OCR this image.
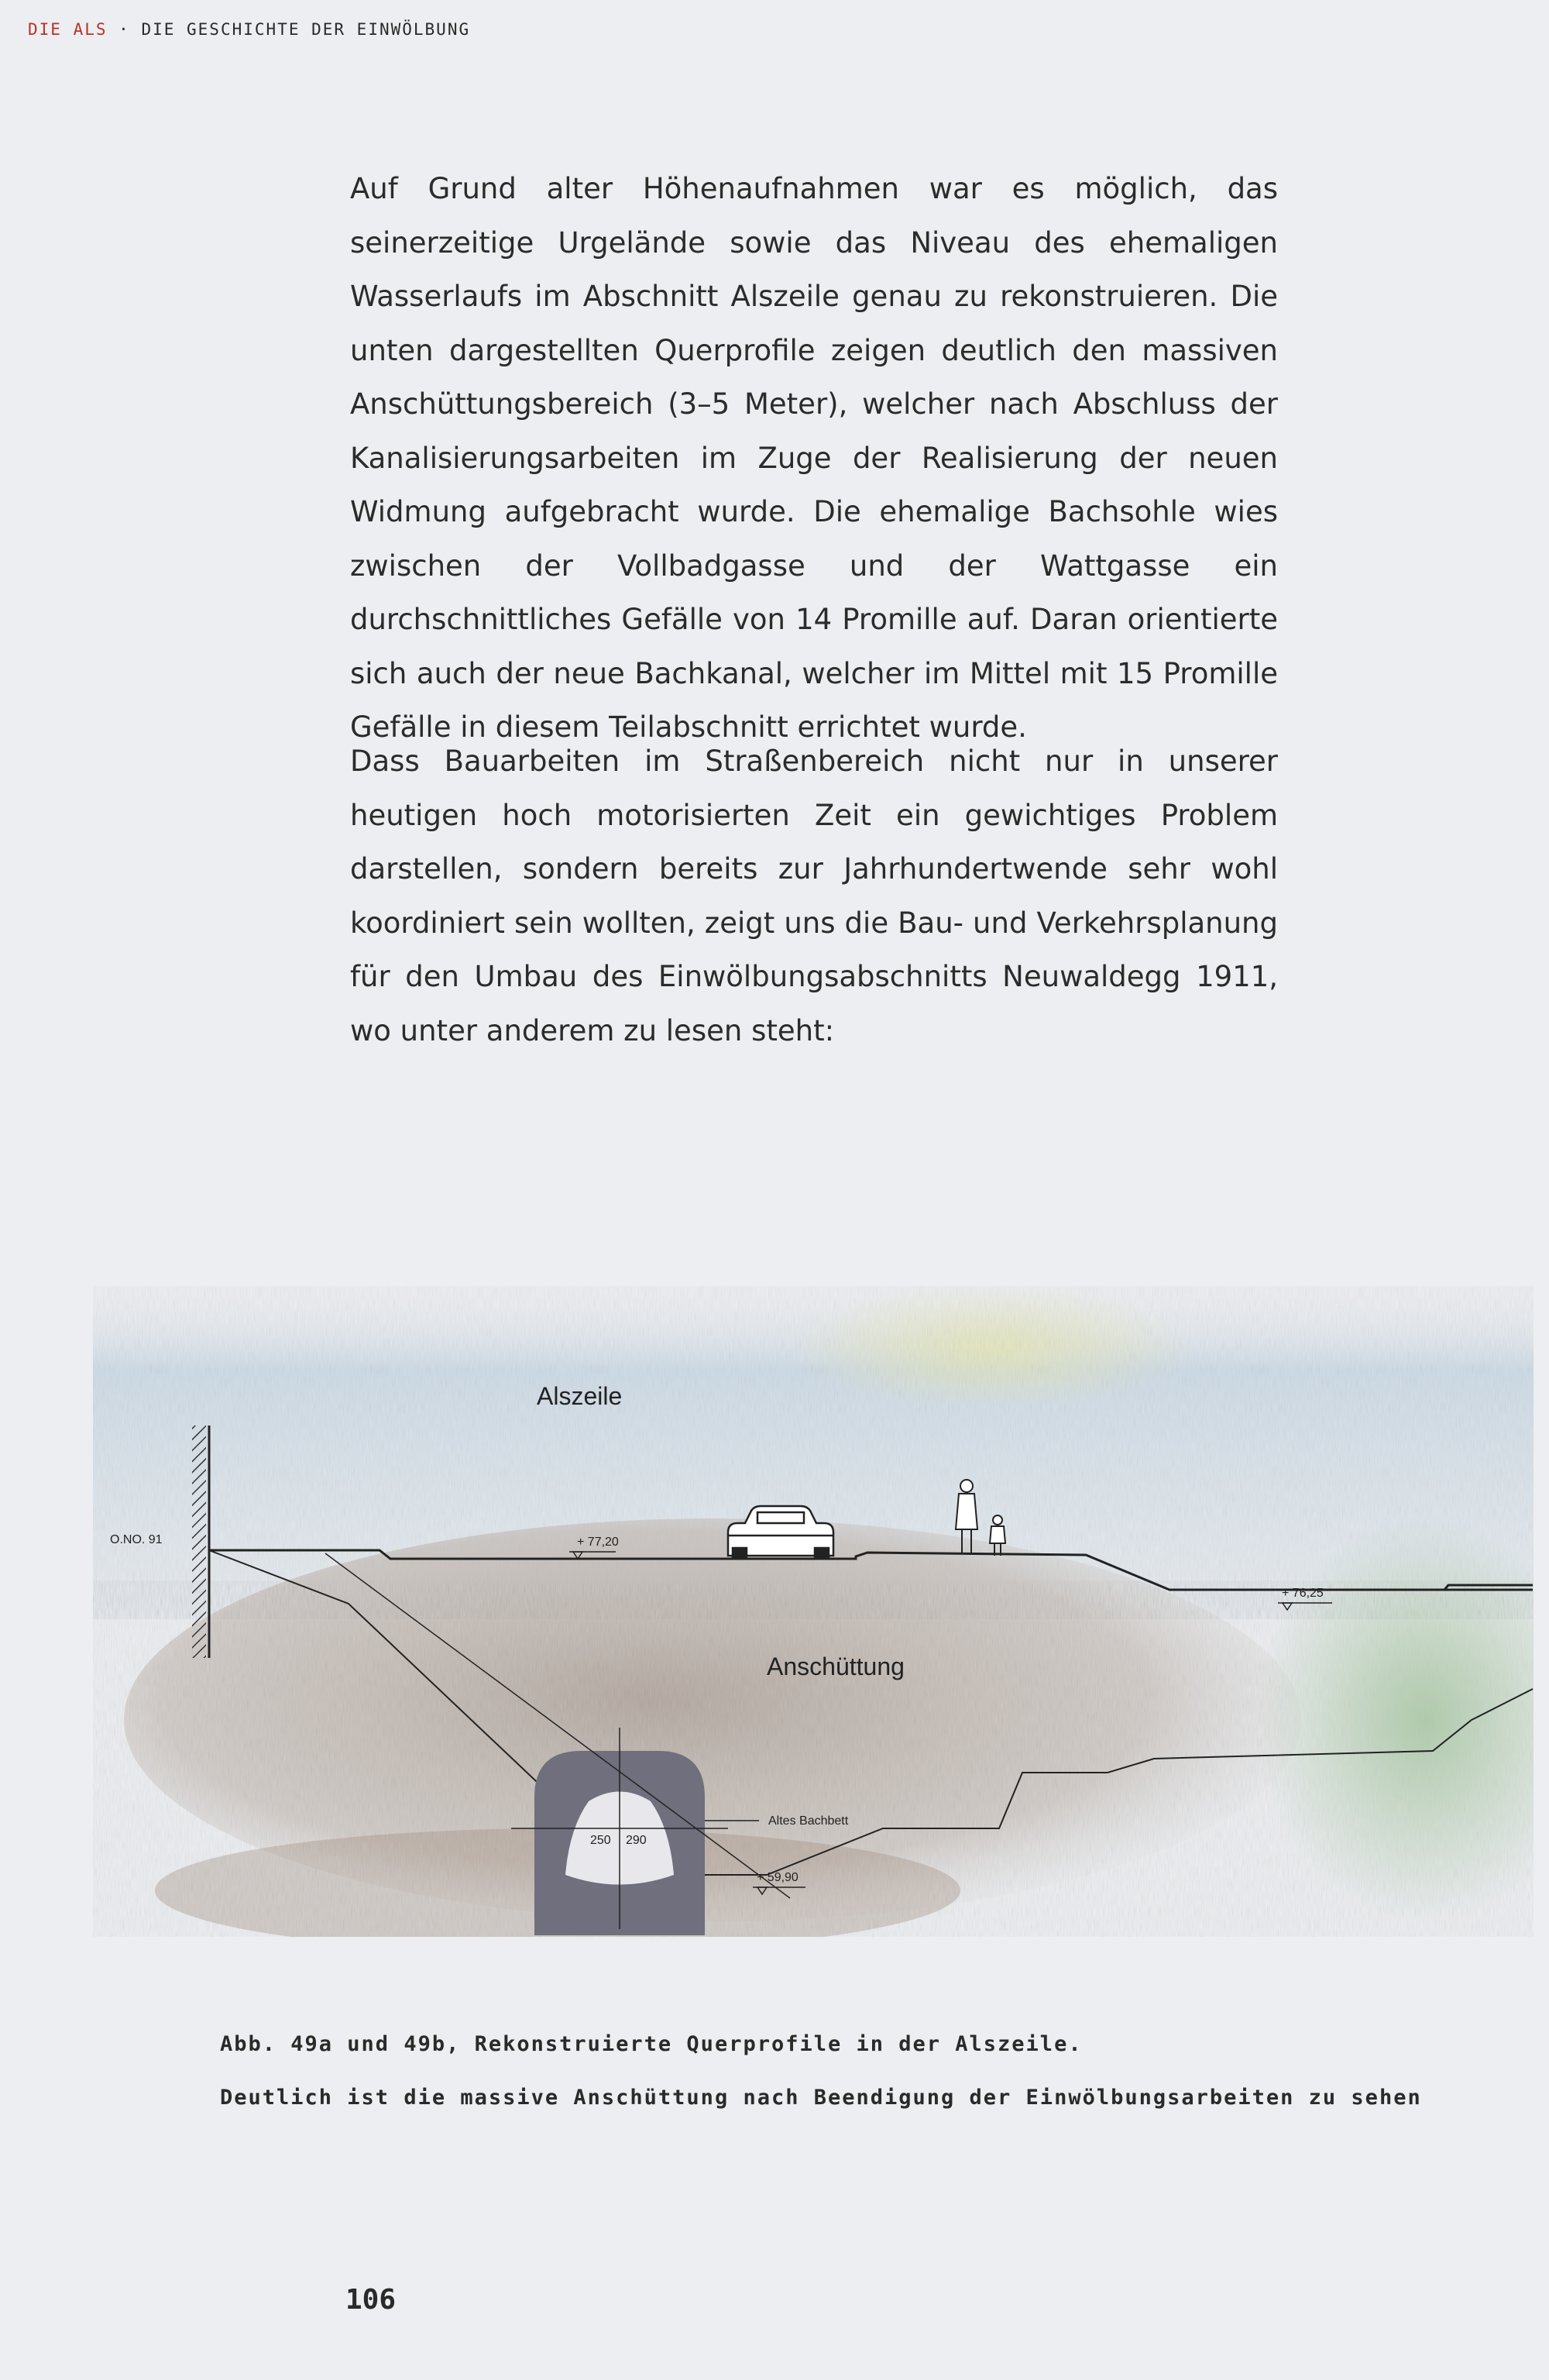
DIE ALS · DIE GESCHICHTE DER EINWÖLBUNG

Auf Grund alter Höhenaufnahmen war es möglich, das seinerzeitige Urgelände sowie das Niveau des ehemaligen Wasserlaufs im Abschnitt Alszeile genau zu rekonstruieren. Die unten dargestellten Querprofile zeigen deutlich den massiven Anschüttungsbereich (3–5 Meter), welcher nach Abschluss der Kanalisierungsarbeiten im Zuge der Realisierung der neuen Widmung aufgebracht wurde. Die ehemalige Bachsohle wies zwischen der Vollbadgasse und der Wattgasse ein durchschnittliches Gefälle von 14 Promille auf. Daran orientierte sich auch der neue Bachkanal, welcher im Mittel mit 15 Promille Gefälle in diesem Teilabschnitt errichtet wurde.

Dass Bauarbeiten im Straßenbereich nicht nur in unserer heutigen hoch motorisierten Zeit ein gewichtiges Problem darstellen, sondern bereits zur Jahrhundertwende sehr wohl koordiniert sein wollten, zeigt uns die Bau- und Verkehrsplanung für den Umbau des Einwölbungsabschnitts Neuwaldegg 1911, wo unter anderem zu lesen steht:

O.NO. 91
250 290
Altes Bachbett
+ 77,20
+ 76,25
+ 59,90
Alszeile
Anschüttung

Abb. 49a und 49b, Rekonstruierte Querprofile in der Alszeile.

Deutlich ist die massive Anschüttung nach Beendigung der Einwölbungsarbeiten zu sehen

106
